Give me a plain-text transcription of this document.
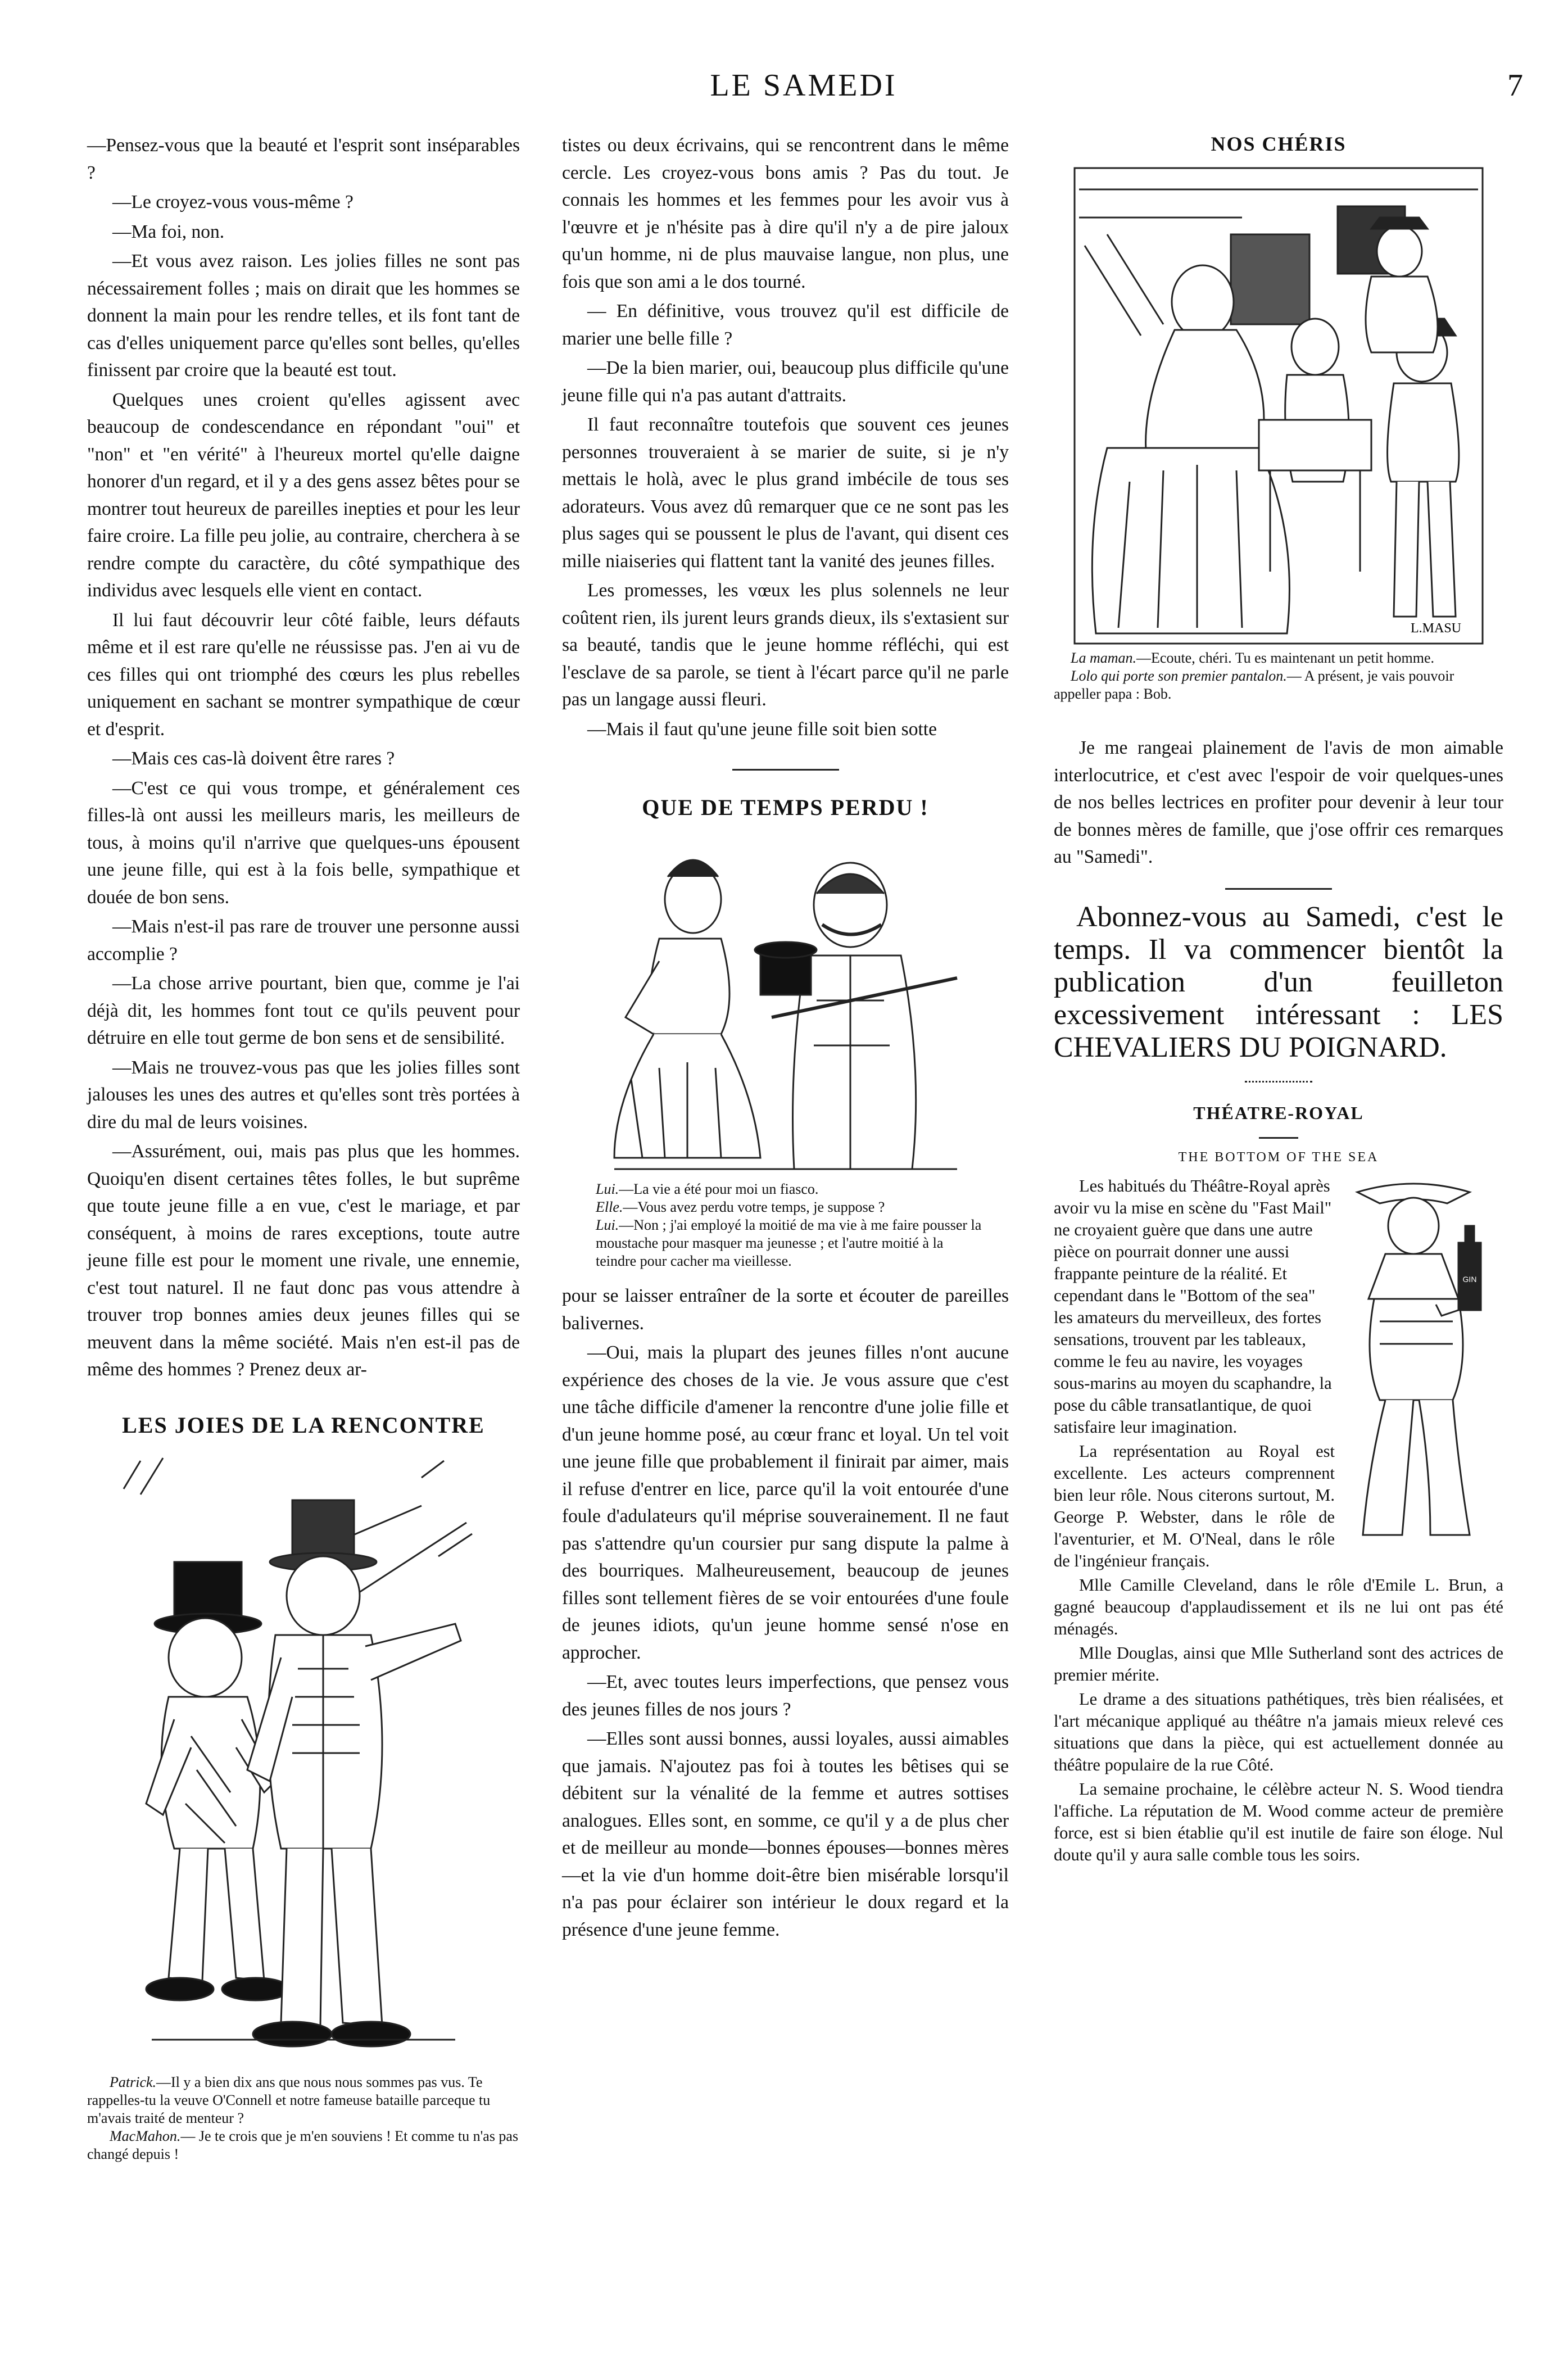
LE SAMEDI	7

—Pensez-vous que la beauté et l'esprit sont inséparables ?

—Le croyez-vous vous-même ?

—Ma foi, non.

—Et vous avez raison. Les jolies filles ne sont pas nécessairement folles ; mais on dirait que les hommes se donnent la main pour les rendre telles, et ils font tant de cas d'elles uniquement parce qu'elles sont belles, qu'elles finissent par croire que la beauté est tout.

Quelques unes croient qu'elles agissent avec beaucoup de condescendance en répondant "oui" et "non" et "en vérité" à l'heureux mortel qu'elle daigne honorer d'un regard, et il y a des gens assez bêtes pour se montrer tout heureux de pareilles inepties et pour les leur faire croire. La fille peu jolie, au contraire, cherchera à se rendre compte du caractère, du côté sympathique des individus avec lesquels elle vient en contact.

Il lui faut découvrir leur côté faible, leurs défauts même et il est rare qu'elle ne réussisse pas. J'en ai vu de ces filles qui ont triomphé des cœurs les plus rebelles uniquement en sachant se montrer sympathique de cœur et d'esprit.

—Mais ces cas-là doivent être rares ?

—C'est ce qui vous trompe, et généralement ces filles-là ont aussi les meilleurs maris, les meilleurs de tous, à moins qu'il n'arrive que quelques-uns épousent une jeune fille, qui est à la fois belle, sympathique et douée de bon sens.

—Mais n'est-il pas rare de trouver une personne aussi accomplie ?

—La chose arrive pourtant, bien que, comme je l'ai déjà dit, les hommes font tout ce qu'ils peuvent pour détruire en elle tout germe de bon sens et de sensibilité.

—Mais ne trouvez-vous pas que les jolies filles sont jalouses les unes des autres et qu'elles sont très portées à dire du mal de leurs voisines.

—Assurément, oui, mais pas plus que les hommes. Quoiqu'en disent certaines têtes folles, le but suprême que toute jeune fille a en vue, c'est le mariage, et par conséquent, à moins de rares exceptions, toute autre jeune fille est pour le moment une rivale, une ennemie, c'est tout naturel. Il ne faut donc pas vous attendre à trouver trop bonnes amies deux jeunes filles qui se meuvent dans la même société. Mais n'en est-il pas de même des hommes ? Prenez deux ar-

LES JOIES DE LA RENCONTRE

Patrick.—Il y a bien dix ans que nous nous sommes pas vus. Te rappelles-tu la veuve O'Connell et notre fameuse bataille parceque tu m'avais traité de menteur ?

MacMahon.— Je te crois que je m'en souviens ! Et comme tu n'as pas changé depuis !

tistes ou deux écrivains, qui se rencontrent dans le même cercle. Les croyez-vous bons amis ? Pas du tout. Je connais les hommes et les femmes pour les avoir vus à l'œuvre et je n'hésite pas à dire qu'il n'y a de pire jaloux qu'un homme, ni de plus mauvaise langue, non plus, une fois que son ami a le dos tourné.

— En définitive, vous trouvez qu'il est difficile de marier une belle fille ?

—De la bien marier, oui, beaucoup plus difficile qu'une jeune fille qui n'a pas autant d'attraits.

Il faut reconnaître toutefois que souvent ces jeunes personnes trouveraient à se marier de suite, si je n'y mettais le holà, avec le plus grand imbécile de tous ses adorateurs. Vous avez dû remarquer que ce ne sont pas les plus sages qui se poussent le plus de l'avant, qui disent ces mille niaiseries qui flattent tant la vanité des jeunes filles.

Les promesses, les vœux les plus solennels ne leur coûtent rien, ils jurent leurs grands dieux, ils s'extasient sur sa beauté, tandis que le jeune homme réfléchi, qui est l'esclave de sa parole, se tient à l'écart parce qu'il ne parle pas un langage aussi fleuri.

—Mais il faut qu'une jeune fille soit bien sotte

QUE DE TEMPS PERDU !

Lui.—La vie a été pour moi un fiasco.

Elle.—Vous avez perdu votre temps, je suppose ?

Lui.—Non ; j'ai employé la moitié de ma vie à me faire pousser la moustache pour masquer ma jeunesse ; et l'autre moitié à la teindre pour cacher ma vieillesse.

pour se laisser entraîner de la sorte et écouter de pareilles balivernes.

—Oui, mais la plupart des jeunes filles n'ont aucune expérience des choses de la vie. Je vous assure que c'est une tâche difficile d'amener la rencontre d'une jolie fille et d'un jeune homme posé, au cœur franc et loyal. Un tel voit une jeune fille que probablement il finirait par aimer, mais il refuse d'entrer en lice, parce qu'il la voit entourée d'une foule d'adulateurs qu'il méprise souverainement. Il ne faut pas s'attendre qu'un coursier pur sang dispute la palme à des bourriques. Malheureusement, beaucoup de jeunes filles sont tellement fières de se voir entourées d'une foule de jeunes idiots, qu'un jeune homme sensé n'ose en approcher.

—Et, avec toutes leurs imperfections, que pensez vous des jeunes filles de nos jours ?

—Elles sont aussi bonnes, aussi loyales, aussi aimables que jamais. N'ajoutez pas foi à toutes les bêtises qui se débitent sur la vénalité de la femme et autres sottises analogues. Elles sont, en somme, ce qu'il y a de plus cher et de meilleur au monde—bonnes épouses—bonnes mères—et la vie d'un homme doit-être bien misérable lorsqu'il n'a pas pour éclairer son intérieur le doux regard et la présence d'une jeune femme.

NOS CHÉRIS
L.MASU

La maman.—Ecoute, chéri. Tu es maintenant un petit homme.

Lolo qui porte son premier pantalon.— A présent, je vais pouvoir appeller papa : Bob.

Je me rangeai plainement de l'avis de mon aimable interlocutrice, et c'est avec l'espoir de voir quelques-unes de nos belles lectrices en profiter pour devenir à leur tour de bonnes mères de famille, que j'ose offrir ces remarques au "Samedi".

Abonnez-vous au Samedi, c'est le temps. Il va commencer bientôt la publication d'un feuilleton excessivement intéressant : LES CHEVALIERS DU POIGNARD.

THÉATRE-ROYAL
THE BOTTOM OF THE SEA
GIN

Les habitués du Théâtre-Royal après avoir vu la mise en scène du "Fast Mail" ne croyaient guère que dans une autre pièce on pourrait donner une aussi frappante peinture de la réalité. Et cependant dans le "Bottom of the sea" les amateurs du merveilleux, des fortes sensations, trouvent par les tableaux, comme le feu au navire, les voyages sous-marins au moyen du scaphandre, la pose du câble transatlantique, de quoi satisfaire leur imagination.

La représentation au Royal est excellente. Les acteurs comprennent bien leur rôle. Nous citerons surtout, M. George P. Webster, dans le rôle de l'aventurier, et M. O'Neal, dans le rôle de l'ingénieur français.

Mlle Camille Cleveland, dans le rôle d'Emile L. Brun, a gagné beaucoup d'applaudissement et ils ne lui ont pas été ménagés.

Mlle Douglas, ainsi que Mlle Sutherland sont des actrices de premier mérite.

Le drame a des situations pathétiques, très bien réalisées, et l'art mécanique appliqué au théâtre n'a jamais mieux relevé ces situations que dans la pièce, qui est actuellement donnée au théâtre populaire de la rue Côté.

La semaine prochaine, le célèbre acteur N. S. Wood tiendra l'affiche. La réputation de M. Wood comme acteur de première force, est si bien établie qu'il est inutile de faire son éloge. Nul doute qu'il y aura salle comble tous les soirs.
